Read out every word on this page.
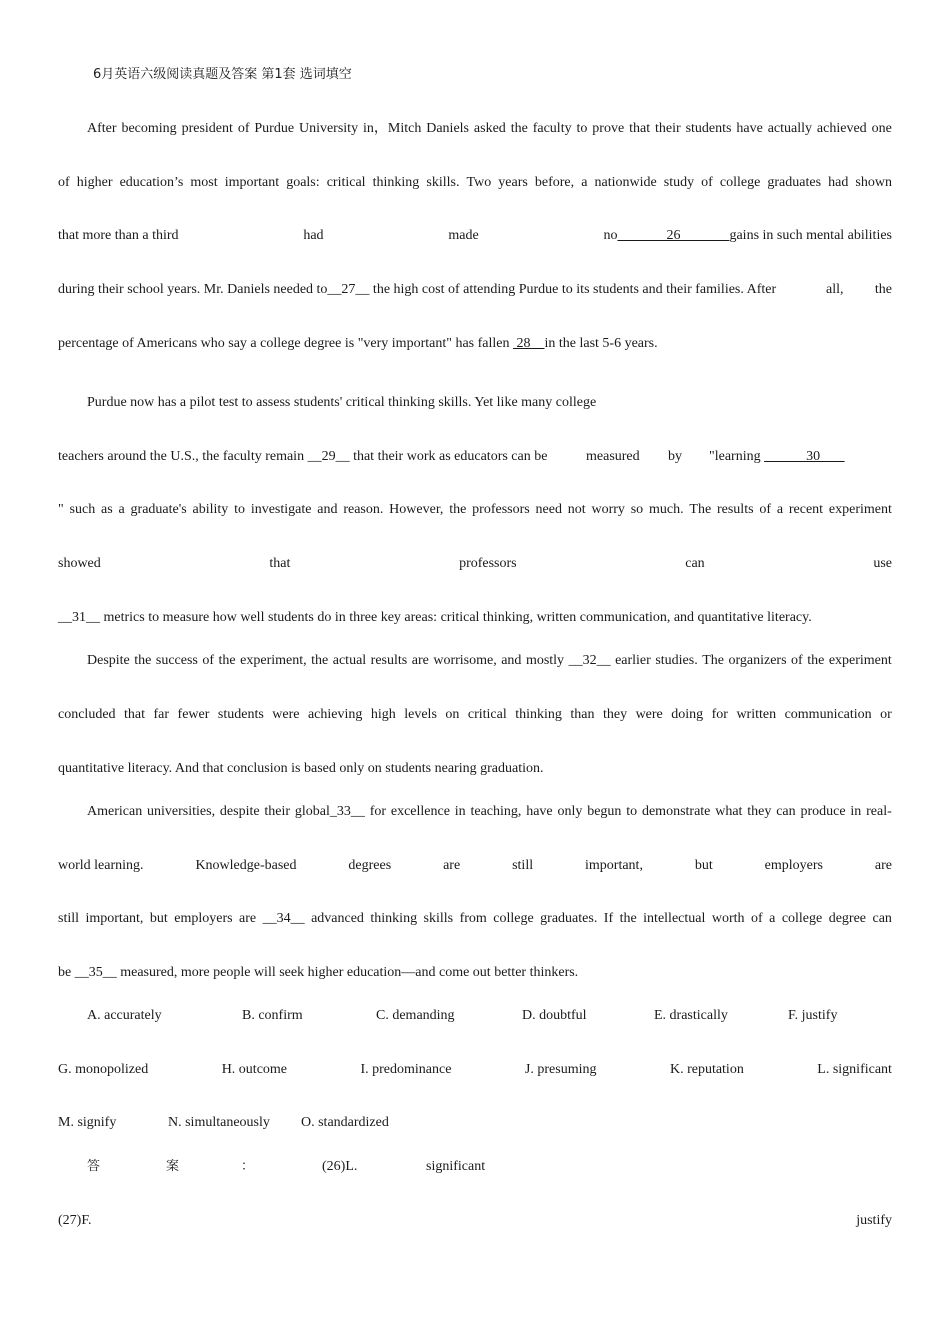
6月英语六级阅读真题及答案 第1套 选词填空
After becoming president of Purdue University in，Mitch Daniels asked the faculty to prove that their students have actually achieved one
of higher education’s most important goals: critical thinking skills. Two years before, a nationwide study of college graduates had shown
that more than a third	had	made	no              26              gains in such mental abilities
during their school years. Mr. Daniels needed to__27__ the high cost of attending Purdue to its students and their families. After	all, the
percentage of Americans who say a college degree is "very important" has fallen  28    in the last 5-6 years.
Purdue now has a pilot test to assess students' critical thinking skills. Yet like many college
teachers around the U.S., the faculty remain __29__ that their work as educators can be	measured by "learning             30
" such as a graduate's ability to investigate and reason. However, the professors need not worry so much. The results of a recent experiment
showed	that	professors	can	use
__31__ metrics to measure how well students do in three key areas: critical thinking, written communication, and quantitative literacy.
Despite the success of the experiment, the actual results are worrisome, and mostly __32__ earlier studies. The organizers of the experiment
concluded that far fewer students were achieving high levels on critical thinking than they were doing for written communication or
quantitative literacy. And that conclusion is based only on students nearing graduation.
American universities, despite their global_33__ for excellence in teaching, have only begun to demonstrate what they can produce in real-
world learning.	Knowledge-based	degrees	are	still	important,	but	employers	are
still important, but employers are __34__ advanced thinking skills from college graduates. If the intellectual worth of a college degree can
be __35__ measured, more people will seek higher education—and come out better thinkers.
A. accurately	B. confirm	C. demanding	D. doubtful	E. drastically	F. justify
G. monopolized	H. outcome	I. predominance	J. presuming	K. reputation	L. significant
M. signify	N. simultaneously O. standardized
答	案	：	(26)L.	significant
(27)F.	justify
